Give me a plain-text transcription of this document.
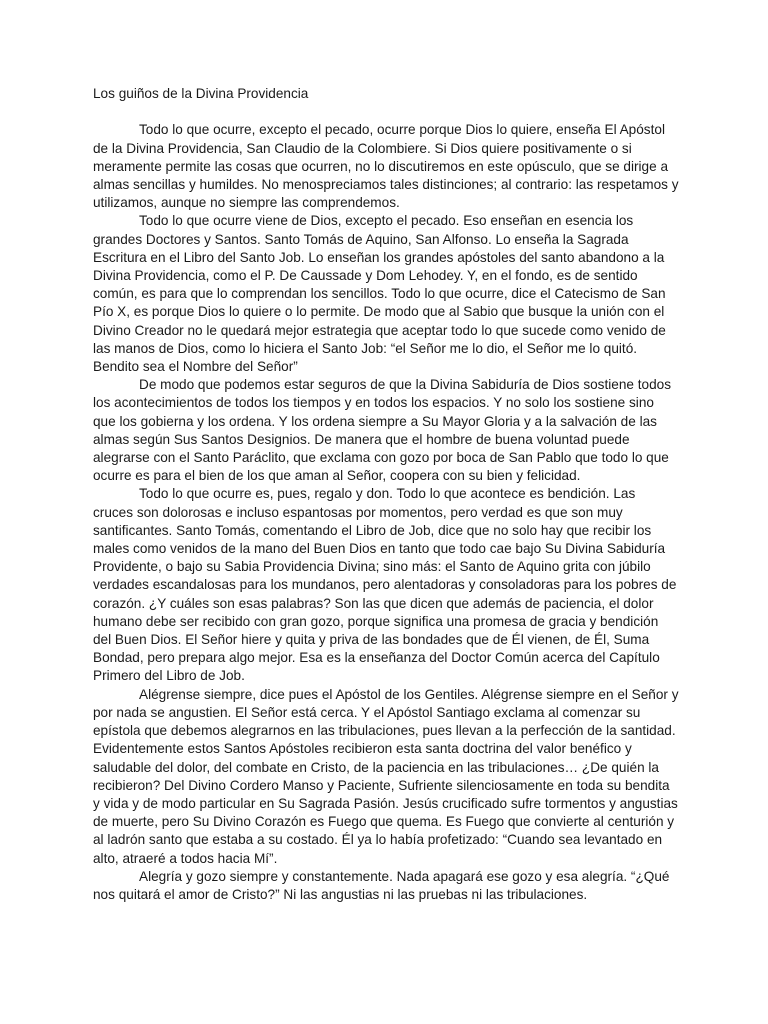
Los guiños de la Divina Providencia

Todo lo que ocurre, excepto el pecado, ocurre porque Dios lo quiere, enseña El Apóstol de la Divina Providencia, San Claudio de la Colombiere. Si Dios quiere positivamente o si meramente permite las cosas que ocurren, no lo discutiremos en este opúsculo, que se dirige a almas sencillas y humildes. No menospreciamos tales distinciones; al contrario: las respetamos y utilizamos, aunque no siempre las comprendemos.

Todo lo que ocurre viene de Dios, excepto el pecado. Eso enseñan en esencia los grandes Doctores y Santos. Santo Tomás de Aquino, San Alfonso. Lo enseña la Sagrada Escritura en el Libro del Santo Job. Lo enseñan los grandes apóstoles del santo abandono a la Divina Providencia, como el P. De Caussade y Dom Lehodey. Y, en el fondo, es de sentido común, es para que lo comprendan los sencillos. Todo lo que ocurre, dice el Catecismo de San Pío X, es porque Dios lo quiere o lo permite. De modo que al Sabio que busque la unión con el Divino Creador no le quedará mejor estrategia que aceptar todo lo que sucede como venido de las manos de Dios, como lo hiciera el Santo Job: “el Señor me lo dio, el Señor me lo quitó. Bendito sea el Nombre del Señor”

De modo que podemos estar seguros de que la Divina Sabiduría de Dios sostiene todos los acontecimientos de todos los tiempos y en todos los espacios. Y no solo los sostiene sino que los gobierna y los ordena. Y los ordena siempre a Su Mayor Gloria y a la salvación de las almas según Sus Santos Designios. De manera que el hombre de buena voluntad puede alegrarse con el Santo Paráclito, que exclama con gozo por boca de San Pablo que todo lo que ocurre es para el bien de los que aman al Señor, coopera con su bien y felicidad.

Todo lo que ocurre es, pues, regalo y don. Todo lo que acontece es bendición. Las cruces son dolorosas e incluso espantosas por momentos, pero verdad es que son muy santificantes. Santo Tomás, comentando el Libro de Job, dice que no solo hay que recibir los males como venidos de la mano del Buen Dios en tanto que todo cae bajo Su Divina Sabiduría Providente, o bajo su Sabia Providencia Divina; sino más: el Santo de Aquino grita con júbilo verdades escandalosas para los mundanos, pero alentadoras y consoladoras para los pobres de corazón. ¿Y cuáles son esas palabras? Son las que dicen que además de paciencia, el dolor humano debe ser recibido con gran gozo, porque significa una promesa de gracia y bendición del Buen Dios. El Señor hiere y quita y priva de las bondades que de Él vienen, de Él, Suma Bondad, pero prepara algo mejor. Esa es la enseñanza del Doctor Común acerca del Capítulo Primero del Libro de Job.

Alégrense siempre, dice pues el Apóstol de los Gentiles. Alégrense siempre en el Señor y por nada se angustien. El Señor está cerca. Y el Apóstol Santiago exclama al comenzar su epístola que debemos alegrarnos en las tribulaciones, pues llevan a la perfección de la santidad. Evidentemente estos Santos Apóstoles recibieron esta santa doctrina del valor benéfico y saludable del dolor, del combate en Cristo, de la paciencia en las tribulaciones… ¿De quién la recibieron? Del Divino Cordero Manso y Paciente, Sufriente silenciosamente en toda su bendita y vida y de modo particular en Su Sagrada Pasión. Jesús crucificado sufre tormentos y angustias de muerte, pero Su Divino Corazón es Fuego que quema. Es Fuego que convierte al centurión y al ladrón santo que estaba a su costado. Él ya lo había profetizado: “Cuando sea levantado en alto, atraeré a todos hacia Mí”.

Alegría y gozo siempre y constantemente. Nada apagará ese gozo y esa alegría. “¿Qué nos quitará el amor de Cristo?” Ni las angustias ni las pruebas ni las tribulaciones.
